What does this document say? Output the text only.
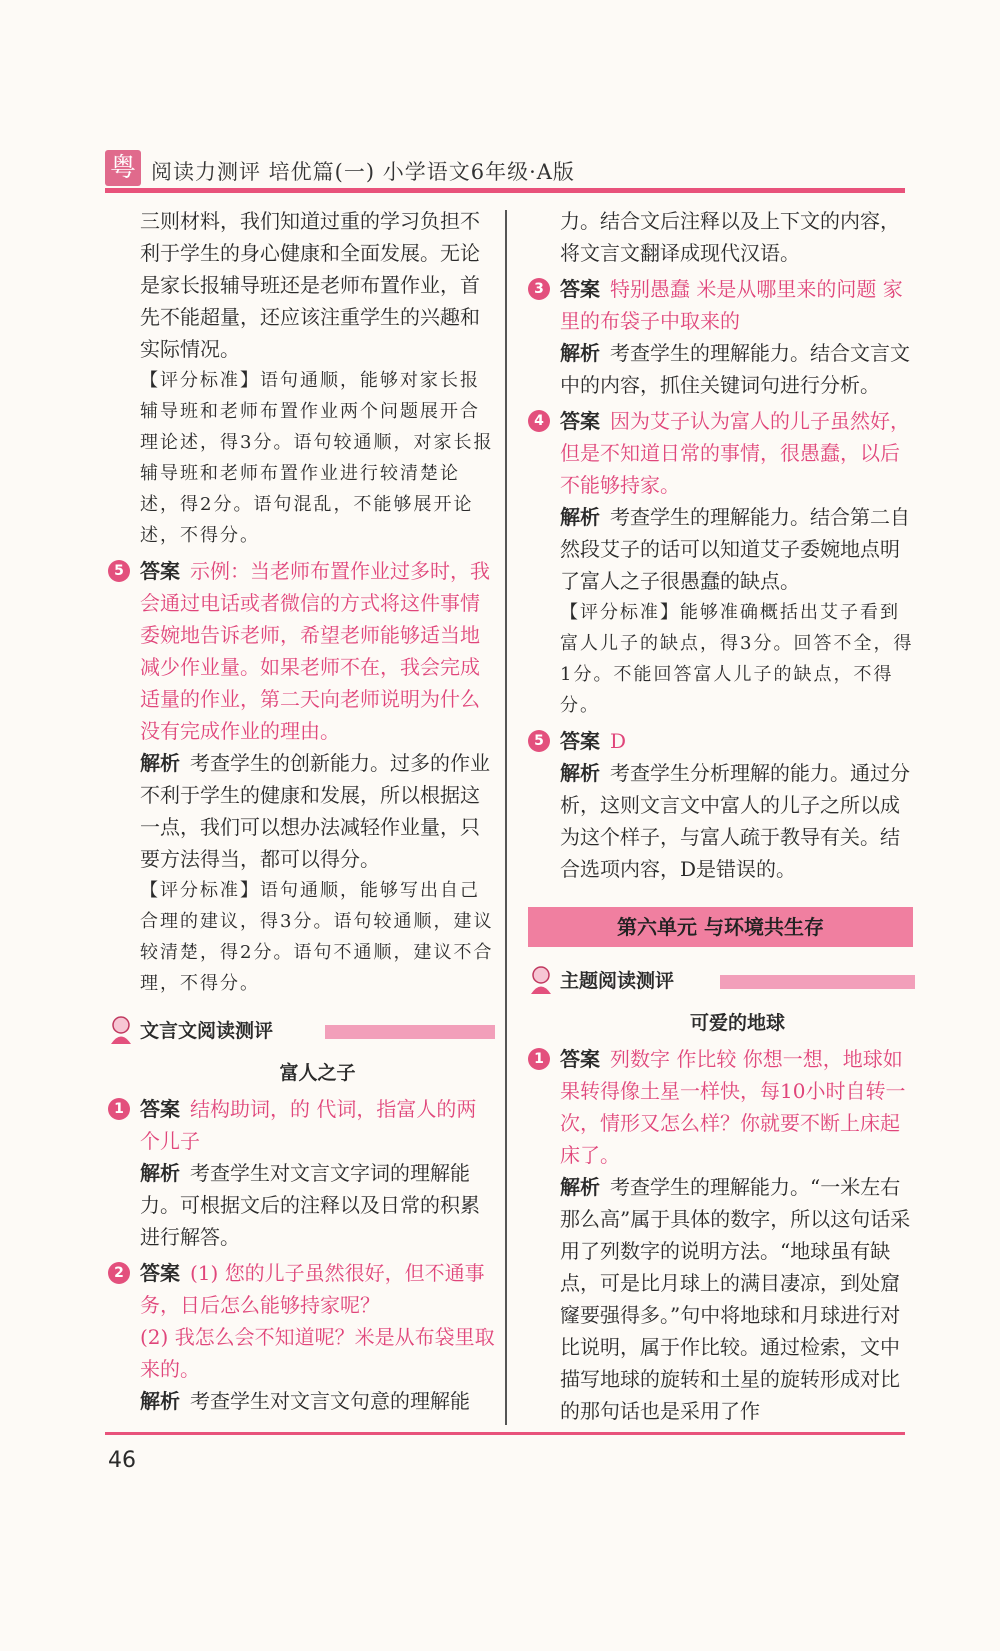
粤 阅读力测评 培优篇(一) 小学语文6年级·A版

三则材料，我们知道过重的学习负担不利于学生的身心健康和全面发展。无论是家长报辅导班还是老师布置作业，首先不能超量，还应该注重学生的兴趣和实际情况。

【评分标准】语句通顺，能够对家长报辅导班和老师布置作业两个问题展开合理论述，得3分。语句较通顺，对家长报辅导班和老师布置作业进行较清楚论述，得2分。语句混乱，不能够展开论述，不得分。

5 答案 示例：当老师布置作业过多时，我会通过电话或者微信的方式将这件事情委婉地告诉老师，希望老师能够适当地减少作业量。如果老师不在，我会完成适量的作业，第二天向老师说明为什么没有完成作业的理由。

解析 考查学生的创新能力。过多的作业不利于学生的健康和发展，所以根据这一点，我们可以想办法减轻作业量，只要方法得当，都可以得分。

【评分标准】语句通顺，能够写出自己合理的建议，得3分。语句较通顺，建议较清楚，得2分。语句不通顺，建议不合理，不得分。

文言文阅读测评
富人之子
1 答案 结构助词，的 代词，指富人的两个儿子

解析 考查学生对文言文字词的理解能力。可根据文后的注释以及日常的积累进行解答。

2 答案 (1) 您的儿子虽然很好，但不通事务，日后怎么能够持家呢？

(2) 我怎么会不知道呢？米是从布袋里取来的。

解析 考查学生对文言文句意的理解能

力。结合文后注释以及上下文的内容，将文言文翻译成现代汉语。

3 答案 特别愚蠢 米是从哪里来的问题 家里的布袋子中取来的

解析 考查学生的理解能力。结合文言文中的内容，抓住关键词句进行分析。

4 答案 因为艾子认为富人的儿子虽然好，但是不知道日常的事情，很愚蠢，以后不能够持家。

解析 考查学生的理解能力。结合第二自然段艾子的话可以知道艾子委婉地点明了富人之子很愚蠢的缺点。

【评分标准】能够准确概括出艾子看到富人儿子的缺点，得3分。回答不全，得1分。不能回答富人儿子的缺点，不得分。

5 答案 D

解析 考查学生分析理解的能力。通过分析，这则文言文中富人的儿子之所以成为这个样子，与富人疏于教导有关。结合选项内容，D是错误的。

第六单元 与环境共生存
主题阅读测评
可爱的地球
1 答案 列数字 作比较 你想一想，地球如果转得像土星一样快，每10小时自转一次，情形又怎么样？你就要不断上床起床了。

解析 考查学生的理解能力。“一米左右那么高”属于具体的数字，所以这句话采用了列数字的说明方法。“地球虽有缺点，可是比月球上的满目凄凉，到处窟窿要强得多。”句中将地球和月球进行对比说明，属于作比较。通过检索，文中描写地球的旋转和土星的旋转形成对比的那句话也是采用了作

46
